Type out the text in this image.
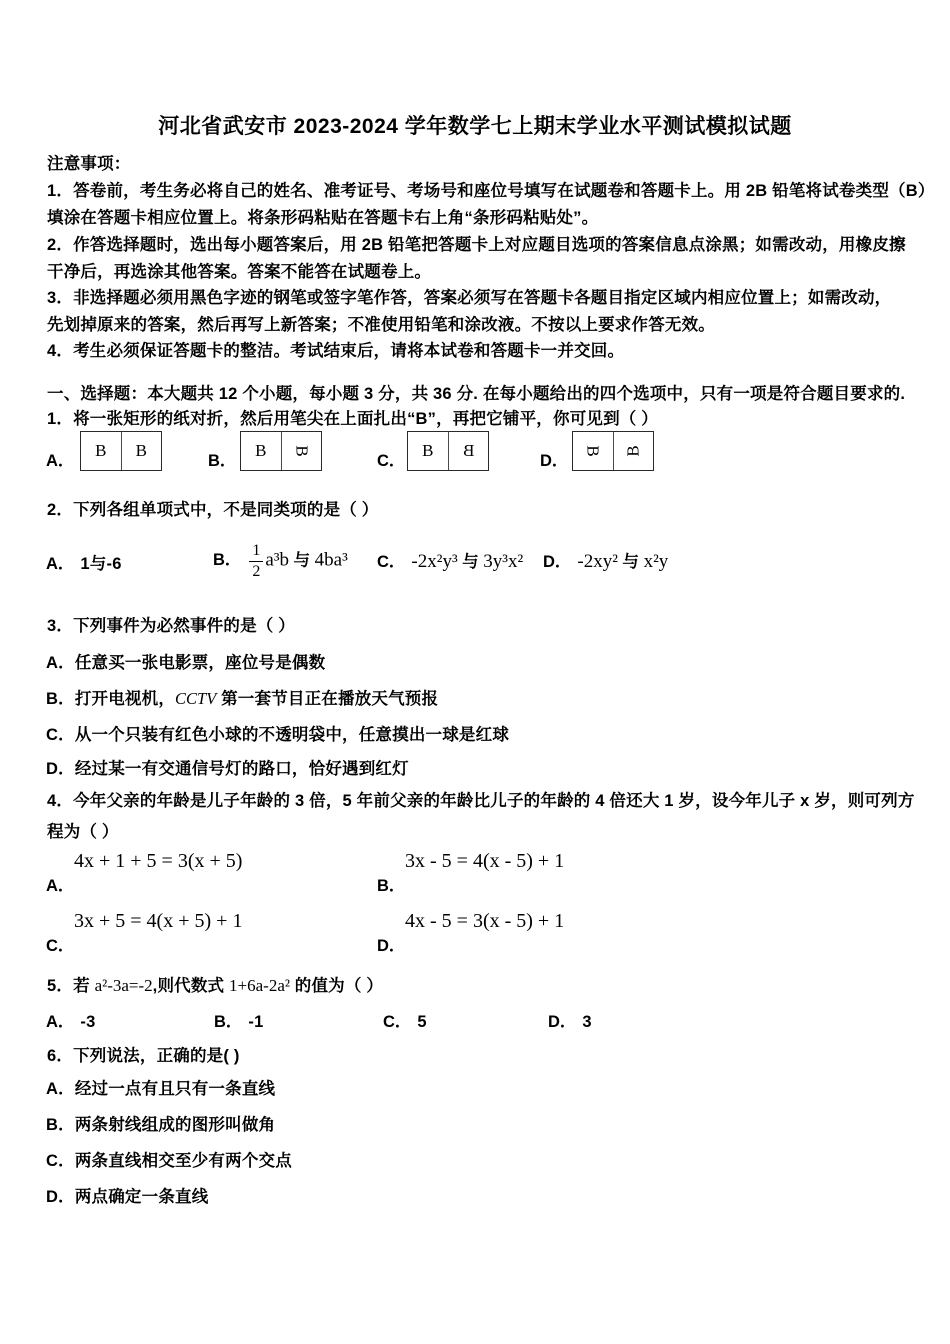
河北省武安市 2023-2024 学年数学七上期末学业水平测试模拟试题
注意事项：
1．答卷前，考生务必将自己的姓名、准考证号、考场号和座位号填写在试题卷和答题卡上。用 2B 铅笔将试卷类型（B）
填涂在答题卡相应位置上。将条形码粘贴在答题卡右上角“条形码粘贴处”。
2．作答选择题时，选出每小题答案后，用 2B 铅笔把答题卡上对应题目选项的答案信息点涂黑；如需改动，用橡皮擦
干净后，再选涂其他答案。答案不能答在试题卷上。
3．非选择题必须用黑色字迹的钢笔或签字笔作答，答案必须写在答题卡各题目指定区域内相应位置上；如需改动，
先划掉原来的答案，然后再写上新答案；不准使用铅笔和涂改液。不按以上要求作答无效。
4．考生必须保证答题卡的整洁。考试结束后，请将本试卷和答题卡一并交回。
一、选择题：本大题共 12 个小题，每小题 3 分，共 36 分. 在每小题给出的四个选项中，只有一项是符合题目要求的.
1．将一张矩形的纸对折，然后用笔尖在上面扎出“B”，再把它铺平，你可见到（ ）
A．
B B
B．
B B
C．
B B
D．
B B
2．下列各组单项式中，不是同类项的是（ ）
A． 1与-6	B． $\frac{1}{2} a^3b$ 与 4ba³ C． -2x²y³ 与 3y³x² D． -2xy² 与 x²y
3．下列事件为必然事件的是（ ）
A．任意买一张电影票，座位号是偶数
B．打开电视机，CCTV 第一套节目正在播放天气预报
C．从一个只装有红色小球的不透明袋中，任意摸出一球是红球
D．经过某一有交通信号灯的路口，恰好遇到红灯
4．今年父亲的年龄是儿子年龄的 3 倍，5 年前父亲的年龄比儿子的年龄的 4 倍还大 1 岁，设今年儿子 x 岁，则可列方
程为（ ）
4x + 1 + 5 = 3(x + 5)
A．
3x - 5 = 4(x - 5) + 1
B．
3x + 5 = 4(x + 5) + 1
C．
4x - 5 = 3(x - 5) + 1
D．
5．若 a²-3a=-2,则代数式 1+6a-2a² 的值为（ ）
A． -3	B． -1	C． 5	D． 3
6．下列说法，正确的是( )
A．经过一点有且只有一条直线
B．两条射线组成的图形叫做角
C．两条直线相交至少有两个交点
D．两点确定一条直线
